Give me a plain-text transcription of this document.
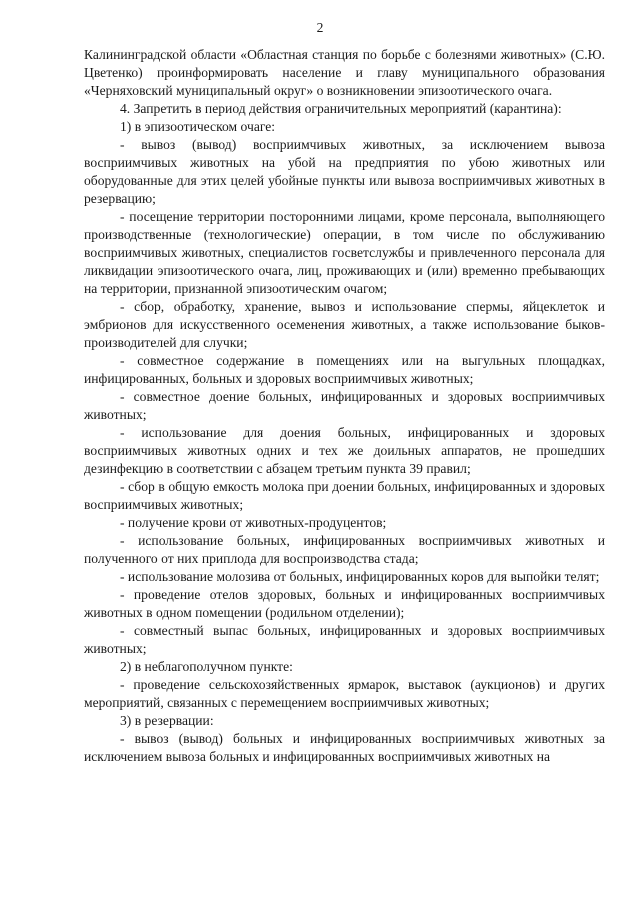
2

Калининградской области «Областная станция по борьбе с болезнями животных» (С.Ю. Цветенко) проинформировать население и главу муниципального образования «Черняховский муниципальный округ» о возникновении эпизоотического очага.

4. Запретить в период действия ограничительных мероприятий (карантина):

1) в эпизоотическом очаге:

- вывоз (вывод) восприимчивых животных, за исключением вывоза восприимчивых животных на убой на предприятия по убою животных или оборудованные для этих целей убойные пункты или вывоза восприимчивых животных в резервацию;

- посещение территории посторонними лицами, кроме персонала, выполняющего производственные (технологические) операции, в том числе по обслуживанию восприимчивых животных, специалистов госветслужбы и привлеченного персонала для ликвидации эпизоотического очага, лиц, проживающих и (или) временно пребывающих на территории, признанной эпизоотическим очагом;

- сбор, обработку, хранение, вывоз и использование спермы, яйцеклеток и эмбрионов для искусственного осеменения животных, а также использование быков-производителей для случки;

- совместное содержание в помещениях или на выгульных площадках, инфицированных, больных и здоровых восприимчивых животных;

- совместное доение больных, инфицированных и здоровых восприимчивых животных;

- использование для доения больных, инфицированных и здоровых восприимчивых животных одних и тех же доильных аппаратов, не прошедших дезинфекцию в соответствии с абзацем третьим пункта 39 правил;

- сбор в общую емкость молока при доении больных, инфицированных и здоровых восприимчивых животных;

- получение крови от животных-продуцентов;

- использование больных, инфицированных восприимчивых животных и полученного от них приплода для воспроизводства стада;

- использование молозива от больных, инфицированных коров для выпойки телят;

- проведение отелов здоровых, больных и инфицированных восприимчивых животных в одном помещении (родильном отделении);

- совместный выпас больных, инфицированных и здоровых восприимчивых животных;

2) в неблагополучном пункте:

- проведение сельскохозяйственных ярмарок, выставок (аукционов) и других мероприятий, связанных с перемещением восприимчивых животных;

3) в резервации:

- вывоз (вывод) больных и инфицированных восприимчивых животных за исключением вывоза больных и инфицированных восприимчивых животных на
